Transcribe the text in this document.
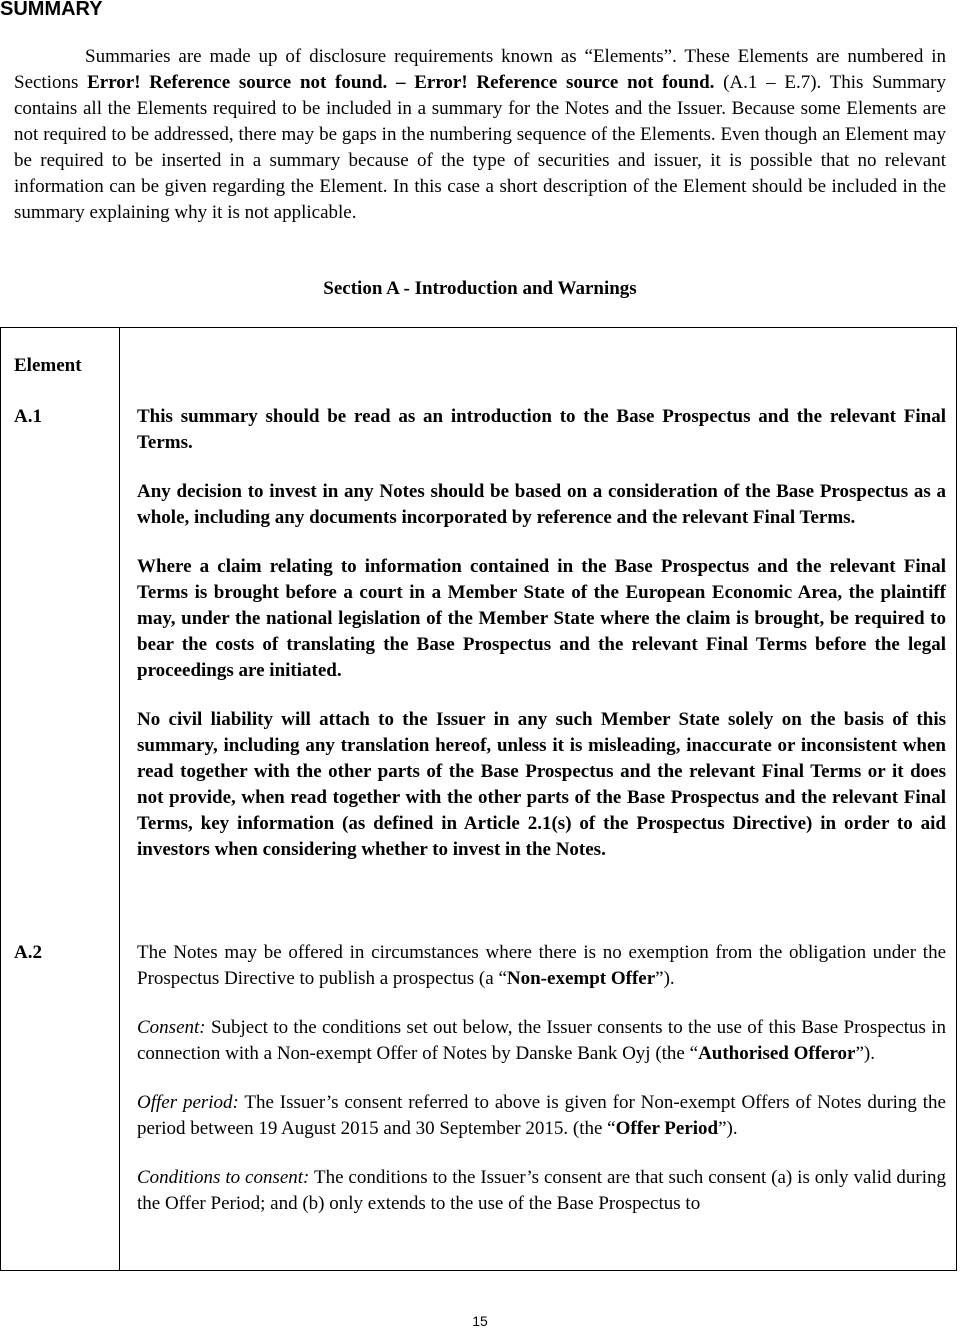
SUMMARY

Summaries are made up of disclosure requirements known as “Elements”. These Elements are numbered in Sections Error! Reference source not found. – Error! Reference source not found. (A.1 – E.7). This Summary contains all the Elements required to be included in a summary for the Notes and the Issuer. Because some Elements are not required to be addressed, there may be gaps in the numbering sequence of the Elements. Even though an Element may be required to be inserted in a summary because of the type of securities and issuer, it is possible that no relevant information can be given regarding the Element. In this case a short description of the Element should be included in the summary explaining why it is not applicable.

Section A - Introduction and Warnings

Element

A.1	This summary should be read as an introduction to the Base Prospectus and the relevant Final Terms.

Any decision to invest in any Notes should be based on a consideration of the Base Prospectus as a whole, including any documents incorporated by reference and the relevant Final Terms.

Where a claim relating to information contained in the Base Prospectus and the relevant Final Terms is brought before a court in a Member State of the European Economic Area, the plaintiff may, under the national legislation of the Member State where the claim is brought, be required to bear the costs of translating the Base Prospectus and the relevant Final Terms before the legal proceedings are initiated.

No civil liability will attach to the Issuer in any such Member State solely on the basis of this summary, including any translation hereof, unless it is misleading, inaccurate or inconsistent when read together with the other parts of the Base Prospectus and the relevant Final Terms or it does not provide, when read together with the other parts of the Base Prospectus and the relevant Final Terms, key information (as defined in Article 2.1(s) of the Prospectus Directive) in order to aid investors when considering whether to invest in the Notes.

A.2	The Notes may be offered in circumstances where there is no exemption from the obligation under the Prospectus Directive to publish a prospectus (a “Non-exempt Offer”).

Consent: Subject to the conditions set out below, the Issuer consents to the use of this Base Prospectus in connection with a Non-exempt Offer of Notes by Danske Bank Oyj (the “Authorised Offeror”).

Offer period: The Issuer’s consent referred to above is given for Non-exempt Offers of Notes during the period between 19 August 2015 and 30 September 2015. (the “Offer Period”).

Conditions to consent: The conditions to the Issuer’s consent are that such consent (a) is only valid during the Offer Period; and (b) only extends to the use of the Base Prospectus to

15
